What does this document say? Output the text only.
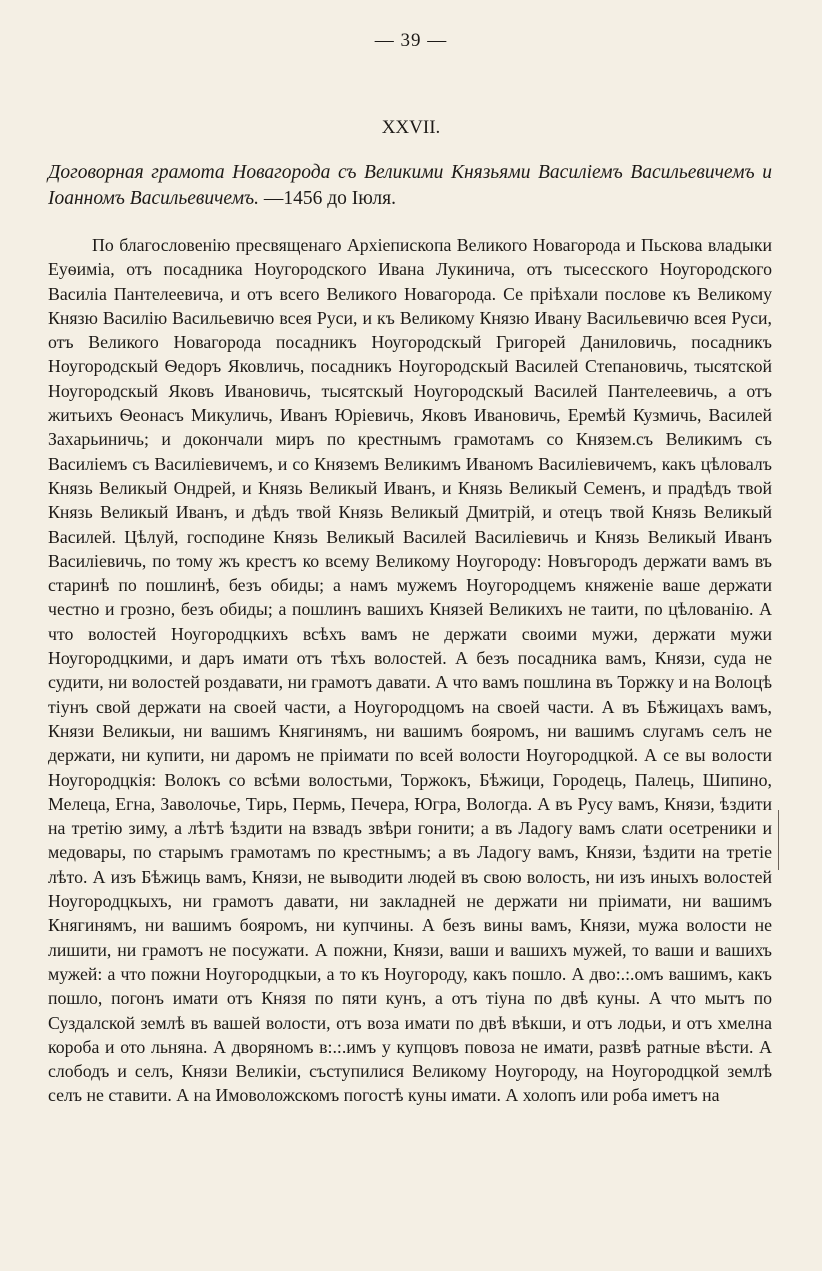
— 39 —
XXVII.
Договорная грамота Новагорода съ Великими Князьями Василіемъ Васильевичемъ и Іоанномъ Васильевичемъ. —1456 до Іюля.

По благословенію пресвященаго Архіепископа Великого Новагорода и Пьскова владыки Еуѳиміа, отъ посадника Ноугородского Ивана Лукинича, отъ тысесского Ноугородского Василіа Пантелеевича, и отъ всего Великого Новагорода. Се пріѣхали послове къ Великому Князю Василію Васильевичю всея Руси, и къ Великому Князю Ивану Васильевичю всея Руси, отъ Великого Новагорода посадникъ Ноугородскый Григорей Даниловичь, посадникъ Ноугородскый Ѳедоръ Яковличь, посадникъ Ноугородскый Василей Степановичь, тысятской Ноугородскый Яковъ Ивановичь, тысятскый Ноугородскый Василей Пантелеевичь, а отъ житьихъ Ѳеонасъ Микуличь, Иванъ Юріевичь, Яковъ Ивановичь, Еремѣй Кузмичь, Василей Захарьиничь; и докончали миръ по крестнымъ грамотамъ со Князем.съ Великимъ съ Василіемъ съ Василіевичемъ, и со Княземъ Великимъ Иваномъ Василіевичемъ, какъ цѣловалъ Князь Великый Ондрей, и Князь Великый Иванъ, и Князь Великый Семенъ, и прадѣдъ твой Князь Великый Иванъ, и дѣдъ твой Князь Великый Дмитрій, и отецъ твой Князь Великый Василей. Цѣлуй, господине Князь Великый Василей Василіевичь и Князь Великый Иванъ Василіевичь, по тому жъ крестъ ко всему Великому Ноугороду: Новъгородъ держати вамъ въ старинѣ по пошлинѣ, безъ обиды; а намъ мужемъ Ноугородцемъ княженіе ваше держати честно и грозно, безъ обиды; а пошлинъ вашихъ Князей Великихъ не таити, по цѣлованію. А что волостей Ноугородцкихъ всѣхъ вамъ не держати своими мужи, держати мужи Ноугородцкими, и даръ имати отъ тѣхъ волостей. А безъ посадника вамъ, Князи, суда не судити, ни волостей роздавати, ни грамотъ давати. А что вамъ пошлина въ Торжку и на Волоцѣ тіунъ свой держати на своей части, а Ноугородцомъ на своей части. А въ Бѣжицахъ вамъ, Князи Великыи, ни вашимъ Княгинямъ, ни вашимъ бояромъ, ни вашимъ слугамъ селъ не держати, ни купити, ни даромъ не пріимати по всей волости Ноугородцкой. А се вы волости Ноугородцкія: Волокъ со всѣми волостьми, Торжокъ, Бѣжици, Городець, Палець, Шипино, Мелеца, Егна, Заволочье, Тирь, Пермь, Печера, Югра, Вологда. А въ Русу вамъ, Князи, ѣздити на третію зиму, а лѣтѣ ѣздити на взвадъ звѣри гонити; а въ Ладогу вамъ слати осетреники и медовары, по старымъ грамотамъ по крестнымъ; а въ Ладогу вамъ, Князи, ѣздити на третіе лѣто. А изъ Бѣжиць вамъ, Князи, не выводити людей въ свою волость, ни изъ иныхъ волостей Ноугородцкыхъ, ни грамотъ давати, ни закладней не держати ни пріимати, ни вашимъ Княгинямъ, ни вашимъ бояромъ, ни купчины. А безъ вины вамъ, Князи, мужа волости не лишити, ни грамотъ не посужати. А пожни, Князи, ваши и вашихъ мужей, то ваши и вашихъ мужей: а что пожни Ноугородцкыи, а то къ Ноугороду, какъ пошло. А дво:.:.омъ вашимъ, какъ пошло, погонъ имати отъ Князя по пяти кунъ, а отъ тіуна по двѣ куны. А что мытъ по Суздалской землѣ въ вашей волости, отъ воза имати по двѣ вѣкши, и отъ лодьи, и отъ хмелна короба и ото льняна. А дворяномъ в:.:.имъ у купцовъ повоза не имати, развѣ ратные вѣсти. А слободъ и селъ, Князи Великіи, съступилися Великому Ноугороду, на Ноугородцкой землѣ селъ не ставити. А на Имоволожскомъ погостѣ куны имати. А холопъ или роба иметъ на
